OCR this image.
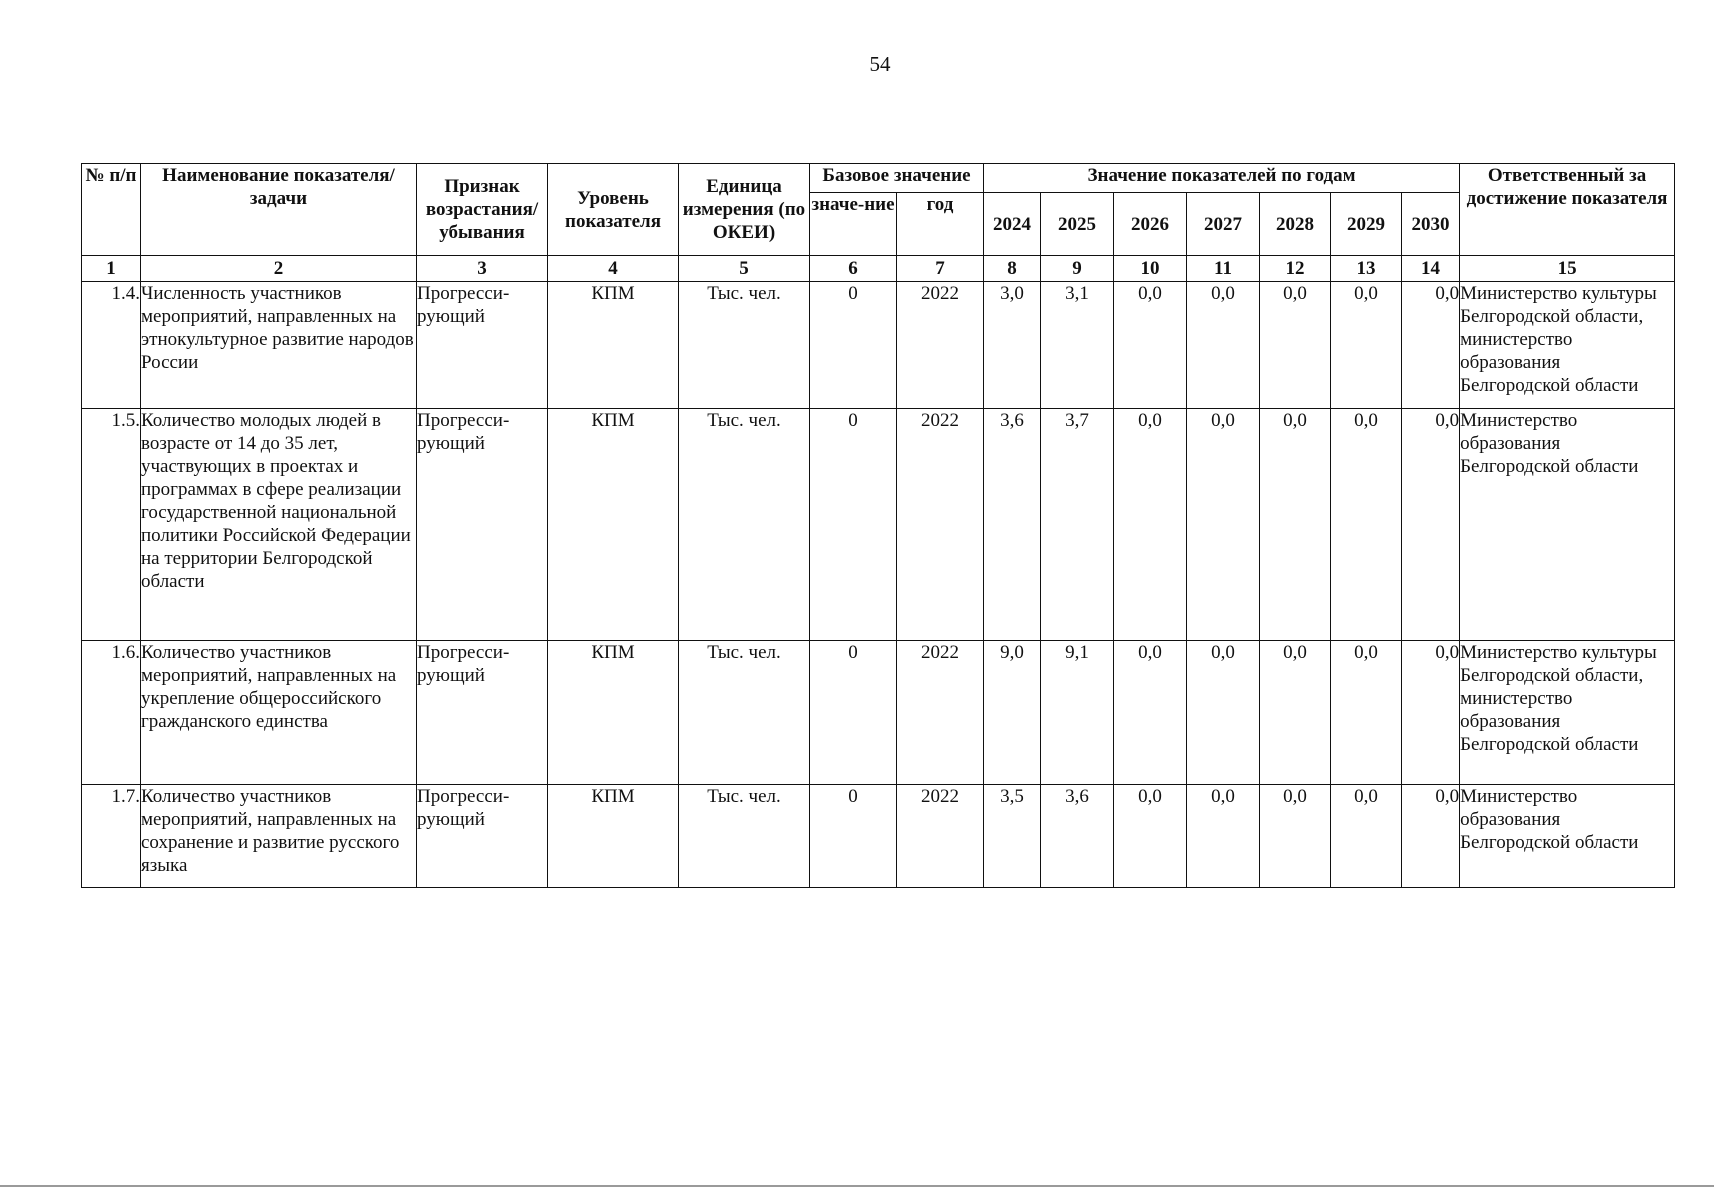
54
№ п/п	Наименование показателя/задачи	Признак возрастания/ убывания	Уровень показателя	Единица измерения (по ОКЕИ)	Базовое значение		Значение показателей по годам							Ответственный за достижение показателя
					значе-ние	год	2024	2025	2026	2027	2028	2029	2030	
1	2	3	4	5	6	7	8	9	10	11	12	13	14	15
1.4.	Численность участников мероприятий, направленных на этнокультурное развитие народов России	Прогресси-рующий	КПМ	Тыс. чел.	0	2022	3,0	3,1	0,0	0,0	0,0	0,0	0,0	Министерство культуры Белгородской области, министерство образования Белгородской области
1.5.	Количество молодых людей в возрасте от 14 до 35 лет, участвующих в проектах и программах в сфере реализации государственной национальной политики Российской Федерации на территории Белгородской области	Прогресси-рующий	КПМ	Тыс. чел.	0	2022	3,6	3,7	0,0	0,0	0,0	0,0	0,0	Министерство образования Белгородской области
1.6.	Количество участников мероприятий, направленных на укрепление общероссийского гражданского единства	Прогресси-рующий	КПМ	Тыс. чел.	0	2022	9,0	9,1	0,0	0,0	0,0	0,0	0,0	Министерство культуры Белгородской области, министерство образования Белгородской области
1.7.	Количество участников мероприятий, направленных на сохранение и развитие русского языка	Прогресси-рующий	КПМ	Тыс. чел.	0	2022	3,5	3,6	0,0	0,0	0,0	0,0	0,0	Министерство образования Белгородской области
